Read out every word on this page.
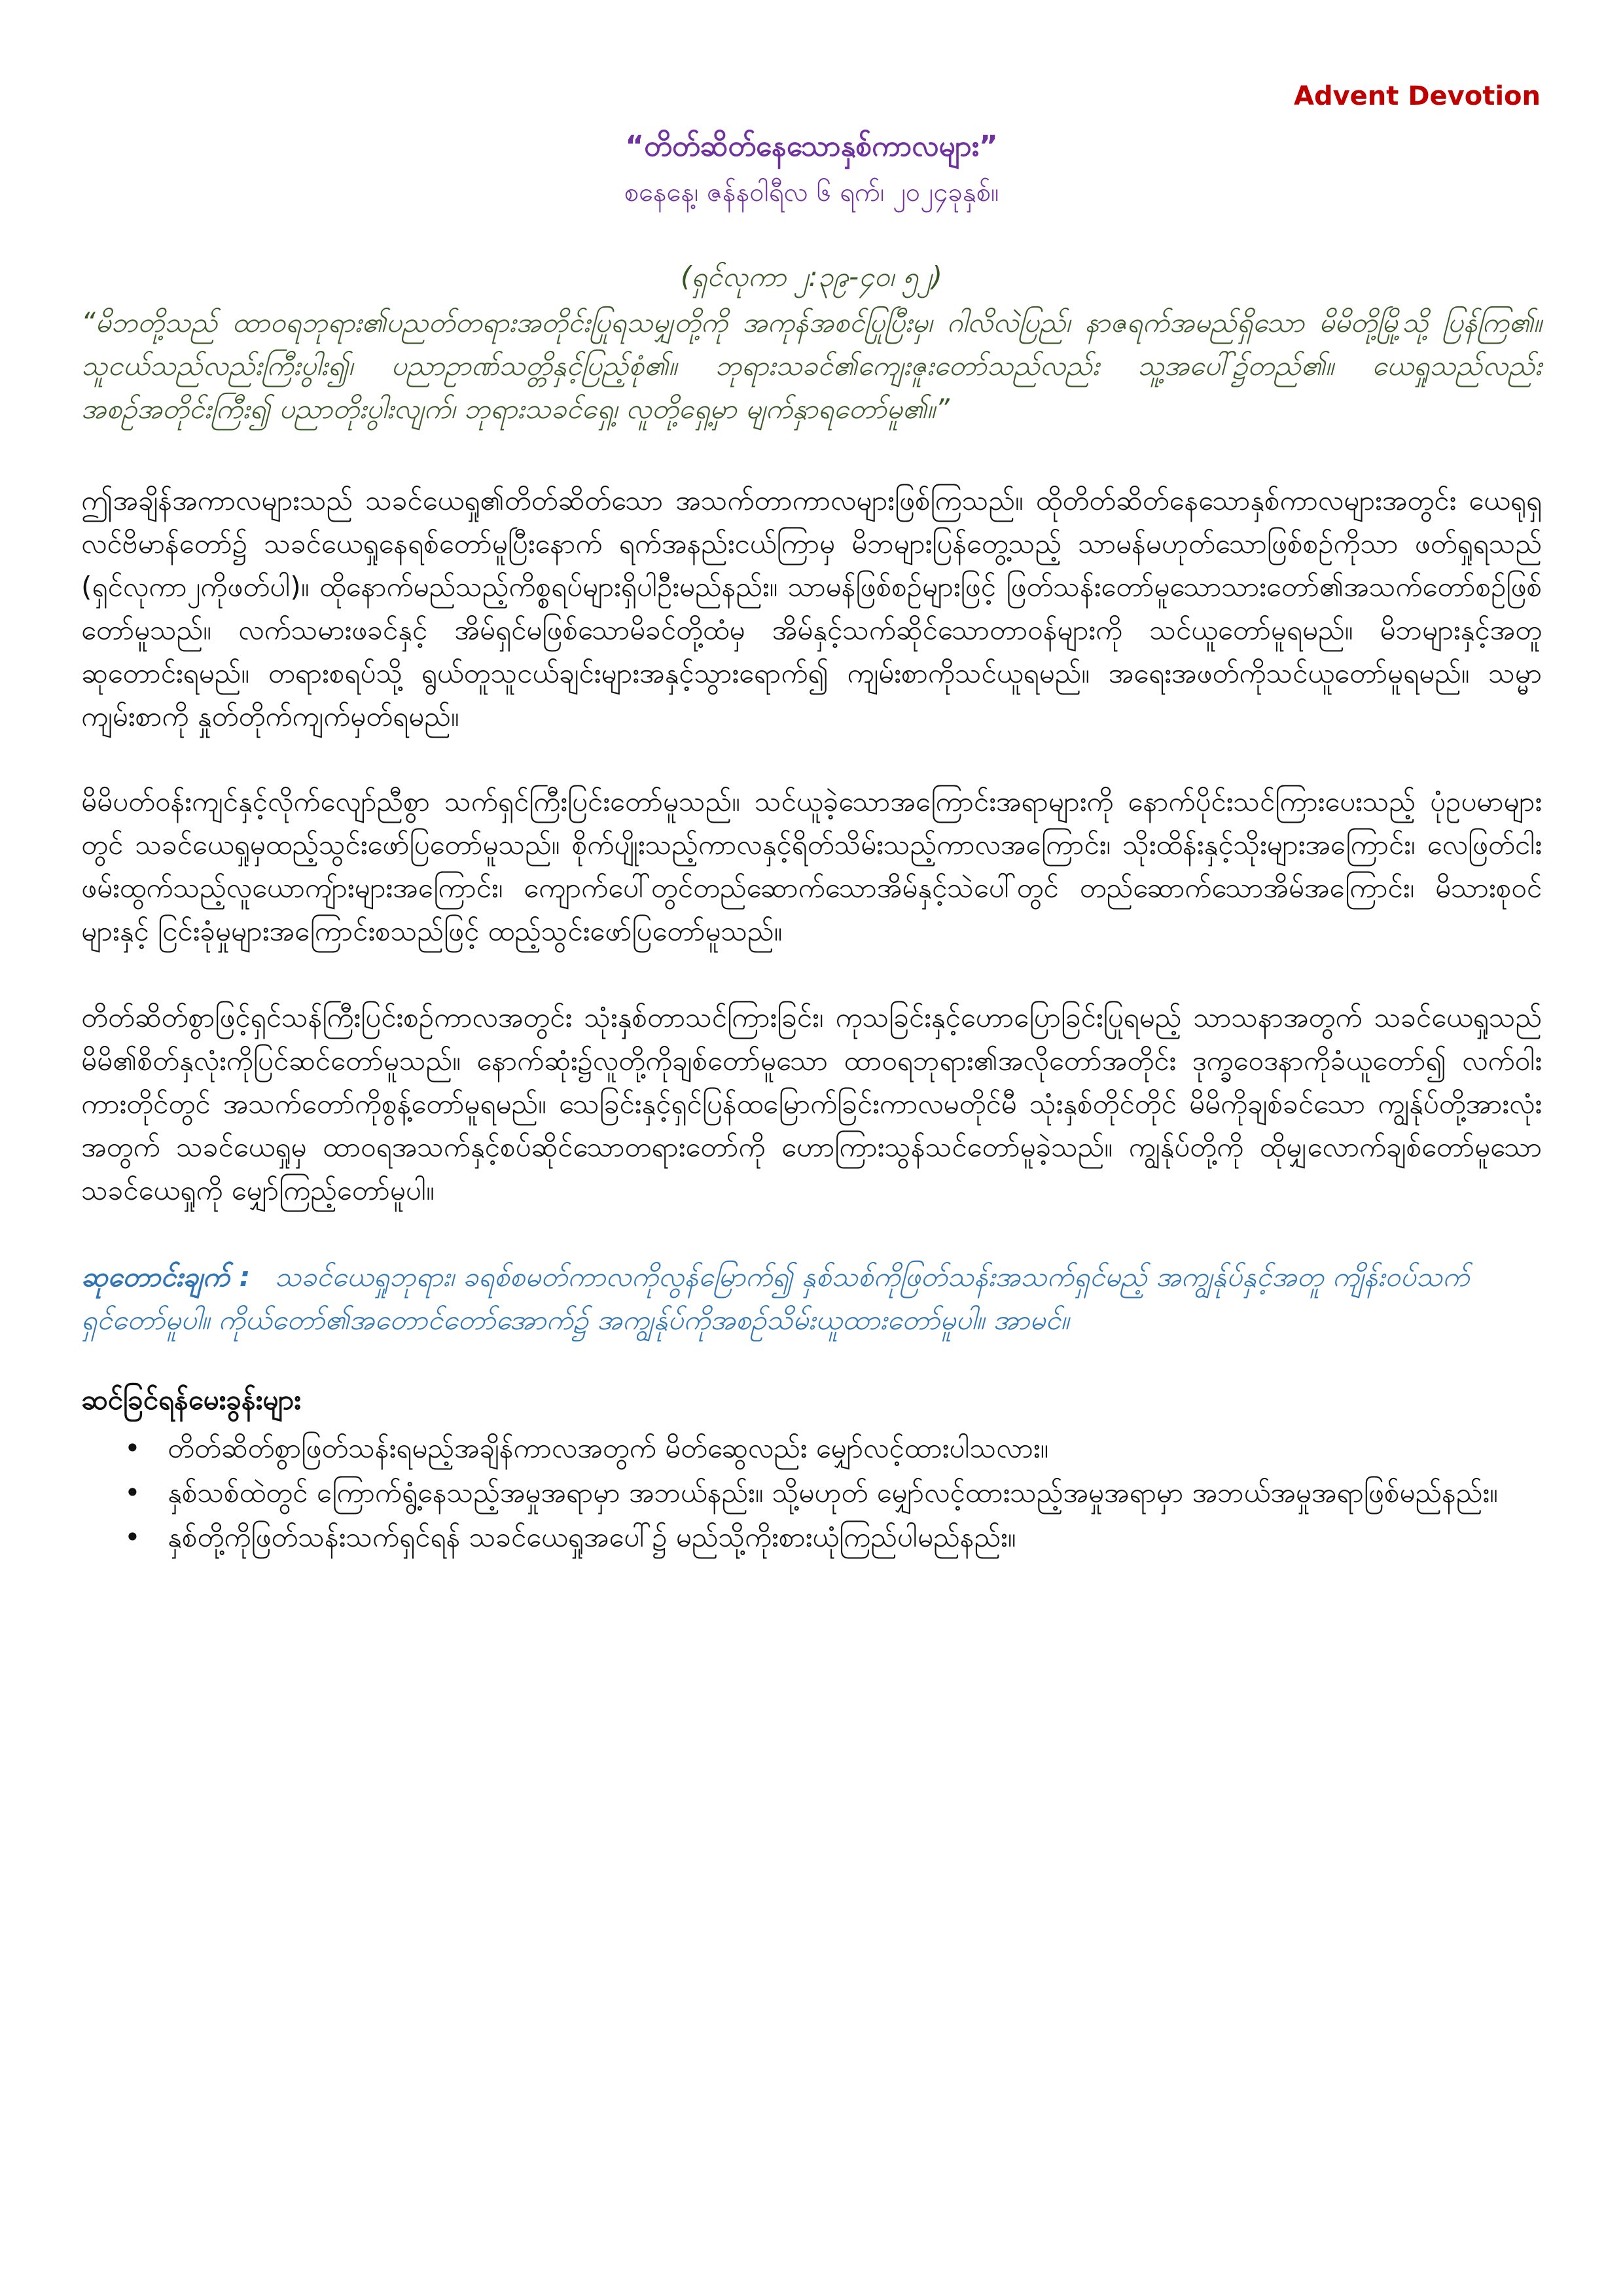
Advent Devotion
“တိတ်ဆိတ်နေသောနှစ်ကာလများ”
စနေနေ့၊ ဇန်နဝါရီလ ၆ ရက်၊ ၂၀၂၄ခုနှစ်။
(ရှင်လုကာ ၂:၃၉-၄၀၊ ၅၂)
“မိဘတို့သည် ထာဝရဘုရား၏ပညတ်တရားအတိုင်းပြုရသမျှတို့ကို အကုန်အစင်ပြုပြီးမှ၊ ဂါလိလဲပြည်၊ နာဇရက်အမည်ရှိသော မိမိတို့မြို့သို့ ပြန်ကြ၏။ သူငယ်သည်လည်းကြီးပွါး၍၊ ပညာဥာဏ်သတ္တိနှင့်ပြည့်စုံ၏။ ဘုရားသခင်၏ကျေးဇူးတော်သည်လည်း သူ့အပေါ်၌တည်၏။ ယေရှုသည်လည်း အစဉ်အတိုင်းကြီး၍ ပညာတိုးပွါးလျက်၊ ဘုရားသခင်ရှေ့၊ လူတို့ရှေ့မှာ မျက်နှာရတော်မူ၏။”
ဤအချိန်အကာလများသည် သခင်ယေရှု၏တိတ်ဆိတ်သော အသက်တာကာလများဖြစ်ကြသည်။ ထိုတိတ်ဆိတ်နေသောနှစ်ကာလများအတွင်း ယေရုရှလင်ဗိမာန်တော်၌ သခင်ယေရှုနေရစ်တော်မူပြီးနောက် ရက်အနည်းငယ်ကြာမှ မိဘများပြန်တွေ့သည့် သာမန်မဟုတ်သောဖြစ်စဉ်ကိုသာ ဖတ်ရှုရသည် (ရှင်လုကာ၂ကိုဖတ်ပါ)။ ထိုနောက်မည်သည့်ကိစ္စရပ်များရှိပါဦးမည်နည်း။ သာမန်ဖြစ်စဉ်များဖြင့် ဖြတ်သန်းတော်မူသောသားတော်၏အသက်တော်စဉ်ဖြစ်တော်မူသည်။ လက်သမားဖခင်နှင့် အိမ်ရှင်မဖြစ်သောမိခင်တို့ထံမှ အိမ်နှင့်သက်ဆိုင်သောတာဝန်များကို သင်ယူတော်မူရမည်။ မိဘများနှင့်အတူ ဆုတောင်းရမည်။ တရားစရပ်သို့ ရွယ်တူသူငယ်ချင်းများအနှင့်သွားရောက်၍ ကျမ်းစာကိုသင်ယူရမည်။ အရေးအဖတ်ကိုသင်ယူတော်မူရမည်။ သမ္မာ ကျမ်းစာကို နှုတ်တိုက်ကျက်မှတ်ရမည်။
မိမိပတ်ဝန်းကျင်နှင့်လိုက်လျော်ညီစွာ သက်ရှင်ကြီးပြင်းတော်မူသည်။ သင်ယူခဲ့သောအကြောင်းအရာများကို နောက်ပိုင်းသင်ကြားပေးသည့် ပုံဥပမာများတွင် သခင်ယေရှုမှထည့်သွင်းဖော်ပြတော်မူသည်။ စိုက်ပျိုးသည့်ကာလနှင့်ရိတ်သိမ်းသည့်ကာလအကြောင်း၊ သိုးထိန်းနှင့်သိုးများအကြောင်း၊ လေဖြတ်ငါးဖမ်းထွက်သည့်လူယောကျ်ားများအကြောင်း၊ ကျောက်ပေါ်တွင်တည်ဆောက်သောအိမ်နှင့်သဲပေါ်တွင် တည်ဆောက်သောအိမ်အကြောင်း၊ မိသားစုဝင်များနှင့် ငြင်းခုံမှုများအကြောင်းစသည်ဖြင့် ထည့်သွင်းဖော်ပြတော်မူသည်။
တိတ်ဆိတ်စွာဖြင့်ရှင်သန်ကြီးပြင်းစဉ်ကာလအတွင်း သုံးနှစ်တာသင်ကြားခြင်း၊ ကုသခြင်းနှင့်ဟောပြောခြင်းပြုရမည့် သာသနာအတွက် သခင်ယေရှုသည် မိမိ၏စိတ်နှလုံးကိုပြင်ဆင်တော်မူသည်။ နောက်ဆုံး၌လူတို့ကိုချစ်တော်မူသော ထာဝရဘုရား၏အလိုတော်အတိုင်း ဒုက္ခဝေဒနာကိုခံယူတော်၍ လက်ဝါးကားတိုင်တွင် အသက်တော်ကိုစွန့်တော်မူရမည်။ သေခြင်းနှင့်ရှင်ပြန်ထမြောက်ခြင်းကာလမတိုင်မီ သုံးနှစ်တိုင်တိုင် မိမိကိုချစ်ခင်သော ကျွန်ုပ်တို့အားလုံးအတွက် သခင်ယေရှုမှ ထာဝရအသက်နှင့်စပ်ဆိုင်သောတရားတော်ကို ဟောကြားသွန်သင်တော်မူခဲ့သည်။ ကျွန်ုပ်တို့ကို ထိုမျှလောက်ချစ်တော်မူသော သခင်ယေရှုကို မျှော်ကြည့်တော်မူပါ။
ဆုတောင်းချက် : သခင်ယေရှုဘုရား၊ ခရစ်စမတ်ကာလကိုလွန်မြောက်၍ နှစ်သစ်ကိုဖြတ်သန်းအသက်ရှင်မည့် အကျွန်ုပ်နှင့်အတူ ကျိန်းဝပ်သက်ရှင်တော်မူပါ။ ကိုယ်တော်၏အတောင်တော်အောက်၌ အကျွန်ုပ်ကိုအစဉ်သိမ်းယူထားတော်မူပါ။ အာမင်။
ဆင်ခြင်ရန်မေးခွန်းများ
• တိတ်ဆိတ်စွာဖြတ်သန်းရမည့်အချိန်ကာလအတွက် မိတ်ဆွေလည်း မျှော်လင့်ထားပါသလား။
• နှစ်သစ်ထဲတွင် ကြောက်ရွံ့နေသည့်အမှုအရာမှာ အဘယ်နည်း။ သို့မဟုတ် မျှော်လင့်ထားသည့်အမှုအရာမှာ အဘယ်အမှုအရာဖြစ်မည်နည်း။
• နှစ်တို့ကိုဖြတ်သန်းသက်ရှင်ရန် သခင်ယေရှုအပေါ်၌ မည်သို့ကိုးစားယုံကြည်ပါမည်နည်း။
